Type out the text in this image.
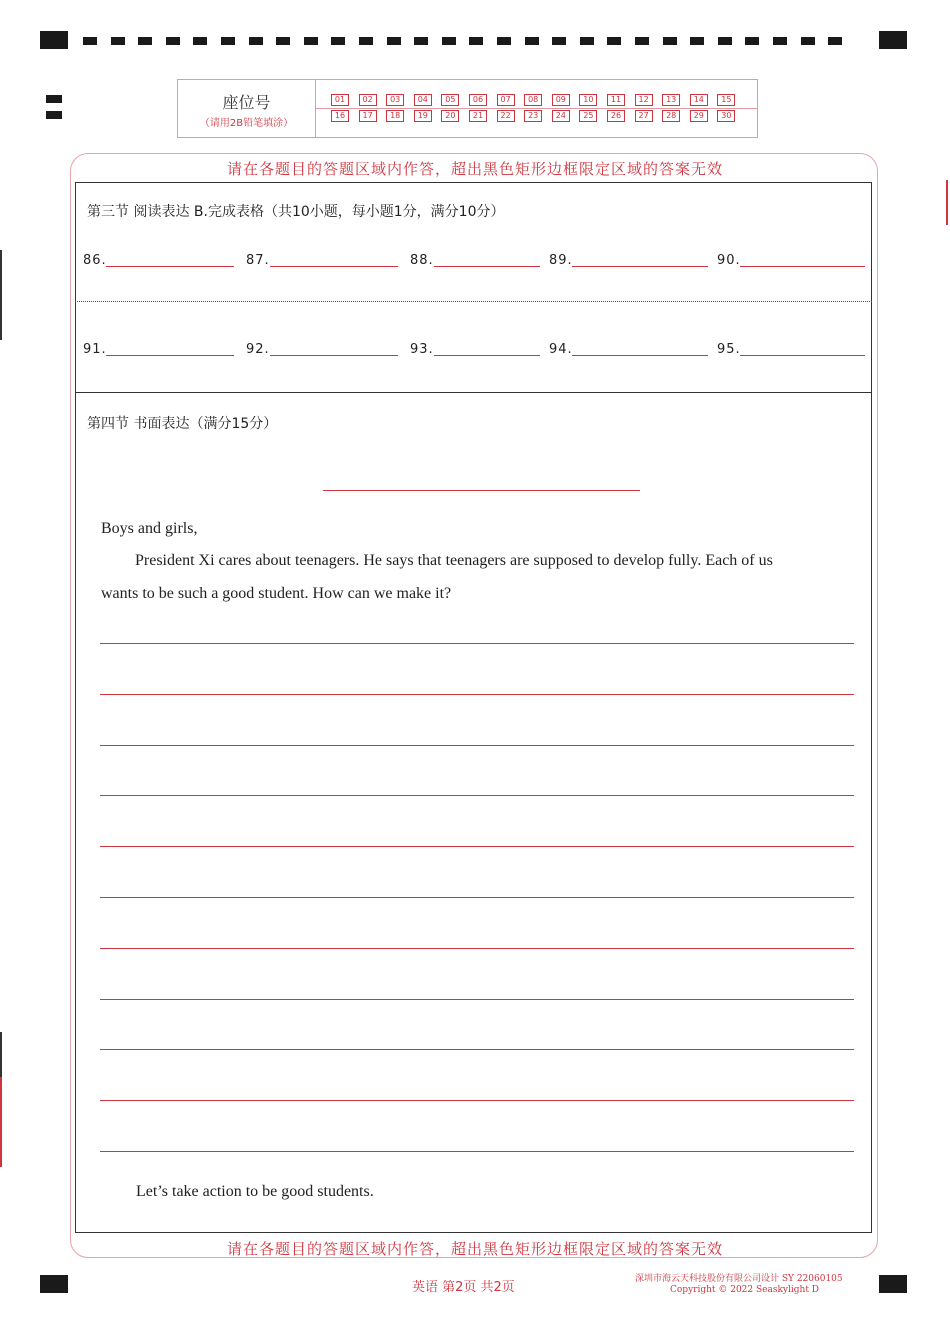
座位号
（请用2B铅笔填涂）
01	02	03	04	05	06	07	08	09	10	11	12	13	14	15
16	17	18	19	20	21	22	23	24	25	26	27	28	29	30
请在各题目的答题区域内作答，超出黑色矩形边框限定区域的答案无效
请在各题目的答题区域内作答，超出黑色矩形边框限定区域的答案无效
第三节 阅读表达 B.完成表格（共10小题，每小题1分，满分10分）
86.	87.	88.	89.	90.
91.	92.	93.	94.	95.
第四节 书面表达（满分15分）
Boys and girls,
President Xi cares about teenagers. He says that teenagers are supposed to develop fully. Each of us
wants to be such a good student. How can we make it?
Let’s take action to be good students.
英语 第2页 共2页
深圳市海云天科技股份有限公司设计 SY 22060105
Copyright © 2022 Seaskylight D
